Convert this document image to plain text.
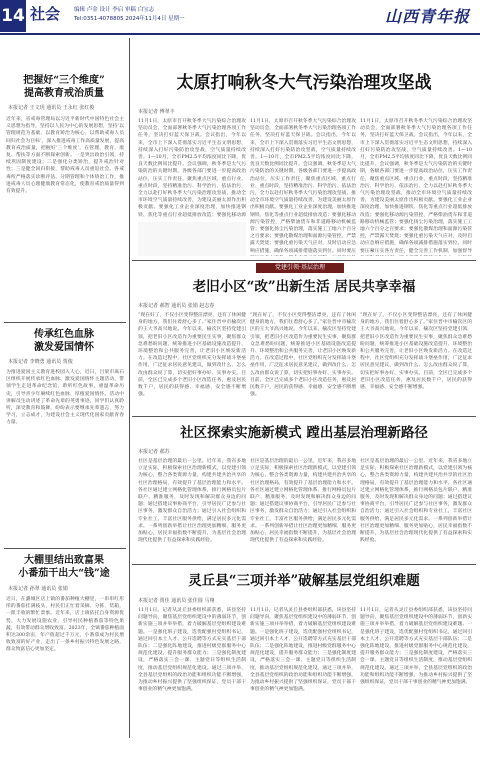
14 社会	编辑 卢金 设计 李启 审稿 白宝志
Tel:0351-4078805 2024年11月4日 星期一	山西青年报
把握好“三个维度”
提高教育戒治质量
本报记者 王文玥 通讯员 王永红 张红俊
近年来，省戒毒管理局以习近平新时代中国特色社会主义思想为指导，坚持以人民为中心的发展思想，坚持‘以管理规范为基础、以教育矫治为核心、以帮助戒毒人员回归社会为目标’，深入推进戒毒工作高质量发展，提高教育戒治质量，把握好‘三个维度’，在管理、教育、康复、帮扶等方面不断探索创新。一是突出政治引领，持续巩固制度建设；二是强化分类矫治，提升戒治针对性；三是健全回归衔接，帮助戒毒人员重返社会。各戒毒所严格落实诊断评估、分期管理和个体矫治工作，推进戒毒人员心理健康教育常态化，使教育戒治质量得到有效提升。
传承红色血脉
激发爱国情怀
本报记者 李晓勇 通讯员 贾俊
为推进爱国主义教育进校园入人心，近日，吕梁市离石区组织开展传承红色血脉、激发爱国情怀主题活动，带领学生走进革命纪念馆，聆听红色故事，重温革命历史，引导青少年赓续红色血脉、厚植爱国情怀。活动中讲解员生动讲述了革命先辈的英勇事迹，同学们认真聆听，深受教育和鼓舞，纷纷表示要继承先辈遗志，努力学习，立志成才，为建设社会主义现代化国家贡献青春力量。
大棚里结出致富果
小番茄干出大“钱”途
本报记者 孙翠 通讯员 张娟
近日，在潞城区店上镇的番茄种植大棚里，一串串红彤彤的番茄挂满枝头，村民们正忙着采摘、分拣、装箱，一派丰收的繁忙景象。近年来，店上镇依托自身资源优势，大力发展设施农业，引导村民种植番茄等特色果蔬，有效带动群众增收致富。2023年，全镇番茄种植面积达300余亩，年产值超过千万元，小番茄成为村民增收致富的好产业，走出了一条乡村振兴特色发展之路，群众致富信心更加坚定。
太原打响秋冬大气污染治理攻坚战
本报记者 傅翠丰
11月1日，太原市召开秋冬季大气污染综合治理攻坚动员会，全面部署秋冬季大气污染治理各项工作任务，坚决打好蓝天保卫战。会议指出，今年以来，全市上下深入贯彻落实习近平生态文明思想，持续深入打好污染防治攻坚战，空气质量持续改善。1—10月，全市PM2.5平均浓度同比下降，优良天数比例同比提升。会议强调，秋冬季是大气污染防治的关键时期，各级各部门要进一步提高政治站位，压实工作责任，聚焦重点区域、重点行业、重点时段，坚持精准治污、科学治污、依法治污，全力以赴打好秋冬季大气污染治理攻坚战，推动全市环境空气质量持续改善，为建设美丽太原作出积极贡献。要强化工业企业深度治理，加快推进钢铁、焦化等重点行业超低排放改造；要强化移动源
11月1日，太原市召开秋冬季大气污染综合治理攻坚动员会，全面部署秋冬季大气污染治理各项工作任务，坚决打好蓝天保卫战。会议指出，今年以来，全市上下深入贯彻落实习近平生态文明思想，持续深入打好污染防治攻坚战，空气质量持续改善。1—10月，全市PM2.5平均浓度同比下降，优良天数比例同比提升。会议强调，秋冬季是大气污染防治的关键时期，各级各部门要进一步提高政治站位，压实工作责任，聚焦重点区域、重点行业、重点时段，坚持精准治污、科学治污、依法治污，全力以赴打好秋冬季大气污染治理攻坚战，推动全市环境空气质量持续改善，为建设美丽太原作出积极贡献。要强化工业企业深度治理，加快推进钢铁、焦化等重点行业超低排放改造；要强化移动源污染管控，严格柴油货车和非道路移动机械监管；要强化扬尘污染治理，落实施工工地六个百分之百要求；要强化散煤治理和面源污染管控，严禁露天焚烧；要强化重污染天气应对，及时启动应急响应措施，确保各项减排措施落实到位。同时要压
11月1日，太原市召开秋冬季大气污染综合治理攻坚动员会，全面部署秋冬季大气污染治理各项工作任务，坚决打好蓝天保卫战。会议指出，今年以来，全市上下深入贯彻落实习近平生态文明思想，持续深入打好污染防治攻坚战，空气质量持续改善。1—10月，全市PM2.5平均浓度同比下降，优良天数比例同比提升。会议强调，秋冬季是大气污染防治的关键时期，各级各部门要进一步提高政治站位，压实工作责任，聚焦重点区域、重点行业、重点时段，坚持精准治污、科学治污、依法治污，全力以赴打好秋冬季大气污染治理攻坚战，推动全市环境空气质量持续改善，为建设美丽太原作出积极贡献。要强化工业企业深度治理，加快推进钢铁、焦化等重点行业超低排放改造；要强化移动源污染管控，严格柴油货车和非道路移动机械监管；要强化扬尘污染治理，落实施工工地六个百分之百要求；要强化散煤治理和面源污染管控，严禁露天焚烧；要强化重污染天气应对，及时启动应急响应措施，确保各项减排措施落实到位。同时要压紧压实各方责任，健全完善工作机制，加强督导
党建引领·基层治理
老旧小区“改”出新生活 居民共享幸福
本报记者 郝智 通讯员 张娟 赵志春
“现在好了，不仅小区变得整洁漂亮，还有了休闲健身的地方，我们住着舒心多了。”家住晋中市榆次区的王大爷高兴地说。今年以来，榆次区坚持党建引领，把老旧小区改造作为重要民生实事，聚焦群众急难愁盼问题，统筹推进小区基础设施改造提升、环境整治和公共服务完善，让老旧小区焕发新活力。在改造过程中，社区党组织充分发挥战斗堡垒作用，广泛征求居民意见建议，做到改什么、怎么改由群众说了算，切实把好事办好、实事办实。目前，全区已完成多个老旧小区改造任务，惠及居民数千户，居民的获得感、幸福感、安全感不断增强。
“现在好了，不仅小区变得整洁漂亮，还有了休闲健身的地方，我们住着舒心多了。”家住晋中市榆次区的王大爷高兴地说。今年以来，榆次区坚持党建引领，把老旧小区改造作为重要民生实事，聚焦群众急难愁盼问题，统筹推进小区基础设施改造提升、环境整治和公共服务完善，让老旧小区焕发新活力。在改造过程中，社区党组织充分发挥战斗堡垒作用，广泛征求居民意见建议，做到改什么、怎么改由群众说了算，切实把好事办好、实事办实。目前，全区已完成多个老旧小区改造任务，惠及居民数千户，居民的获得感、幸福感、安全感不断增强。
“现在好了，不仅小区变得整洁漂亮，还有了休闲健身的地方，我们住着舒心多了。”家住晋中市榆次区的王大爷高兴地说。今年以来，榆次区坚持党建引领，把老旧小区改造作为重要民生实事，聚焦群众急难愁盼问题，统筹推进小区基础设施改造提升、环境整治和公共服务完善，让老旧小区焕发新活力。在改造过程中，社区党组织充分发挥战斗堡垒作用，广泛征求居民意见建议，做到改什么、怎么改由群众说了算，切实把好事办好、实事办实。目前，全区已完成多个老旧小区改造任务，惠及居民数千户，居民的获得感、幸福感、安全感不断增强。
社区探索实施新模式 蹚出基层治理新路径
本报记者 郝苏
社区是基层治理的最后一公里。近年来，我省多地立足实际，积极探索社区治理新模式，以党建引领为核心，整合各类资源力量，构建共建共治共享的社区治理格局，有效提升了基层治理能力和水平。各社区通过建立网格化管理体系，推行网格员包片联户、精准服务，及时发现和解决群众身边的问题；通过搭建议事协商平台，引导居民广泛参与社区事务，激发群众自治活力；通过引入社会组织和专业社工，丰富社区服务供给，满足居民多元化需求。一系列创新举措让社区治理更加精细、服务更加贴心，居民幸福指数不断提升，为基层社会治理现代化提供了有益探索和实践经验。
社区是基层治理的最后一公里。近年来，我省多地立足实际，积极探索社区治理新模式，以党建引领为核心，整合各类资源力量，构建共建共治共享的社区治理格局，有效提升了基层治理能力和水平。各社区通过建立网格化管理体系，推行网格员包片联户、精准服务，及时发现和解决群众身边的问题；通过搭建议事协商平台，引导居民广泛参与社区事务，激发群众自治活力；通过引入社会组织和专业社工，丰富社区服务供给，满足居民多元化需求。一系列创新举措让社区治理更加精细、服务更加贴心，居民幸福指数不断提升，为基层社会治理现代化提供了有益探索和实践经验。
社区是基层治理的最后一公里。近年来，我省多地立足实际，积极探索社区治理新模式，以党建引领为核心，整合各类资源力量，构建共建共治共享的社区治理格局，有效提升了基层治理能力和水平。各社区通过建立网格化管理体系，推行网格员包片联户、精准服务，及时发现和解决群众身边的问题；通过搭建议事协商平台，引导居民广泛参与社区事务，激发群众自治活力；通过引入社会组织和专业社工，丰富社区服务供给，满足居民多元化需求。一系列创新举措让社区治理更加精细、服务更加贴心，居民幸福指数不断提升，为基层社会治理现代化提供了有益探索和实践经验。
灵丘县“三项并举”破解基层党组织难题
本报记者 贾佳 通讯员 张佳圆 马翔
11月1日，记者从灵丘县委组织部获悉，该县坚持问题导向，聚焦基层党组织建设中的薄弱环节，创新实施三项并举举措，着力破解基层党组织建设难题。一是强化班子建设，选优配强村党组织书记，通过回引本土人才、公开选聘等方式充实基层干部队伍；二是强化阵地建设，推进村级党群服务中心规范化建设，提升服务群众能力；三是强化制度建设，严格落实三会一课、主题党日等组织生活制度，推动基层党组织规范化建设。通过三项并举，全县基层党组织的政治功能和组织功能不断增强，为推动乡村振兴提供了坚强组织保证，党员干部干事创业的精气神更加饱满。
11月1日，记者从灵丘县委组织部获悉，该县坚持问题导向，聚焦基层党组织建设中的薄弱环节，创新实施三项并举举措，着力破解基层党组织建设难题。一是强化班子建设，选优配强村党组织书记，通过回引本土人才、公开选聘等方式充实基层干部队伍；二是强化阵地建设，推进村级党群服务中心规范化建设，提升服务群众能力；三是强化制度建设，严格落实三会一课、主题党日等组织生活制度，推动基层党组织规范化建设。通过三项并举，全县基层党组织的政治功能和组织功能不断增强，为推动乡村振兴提供了坚强组织保证，党员干部干事创业的精气神更加饱满。
11月1日，记者从灵丘县委组织部获悉，该县坚持问题导向，聚焦基层党组织建设中的薄弱环节，创新实施三项并举举措，着力破解基层党组织建设难题。一是强化班子建设，选优配强村党组织书记，通过回引本土人才、公开选聘等方式充实基层干部队伍；二是强化阵地建设，推进村级党群服务中心规范化建设，提升服务群众能力；三是强化制度建设，严格落实三会一课、主题党日等组织生活制度，推动基层党组织规范化建设。通过三项并举，全县基层党组织的政治功能和组织功能不断增强，为推动乡村振兴提供了坚强组织保证，党员干部干事创业的精气神更加饱满。
